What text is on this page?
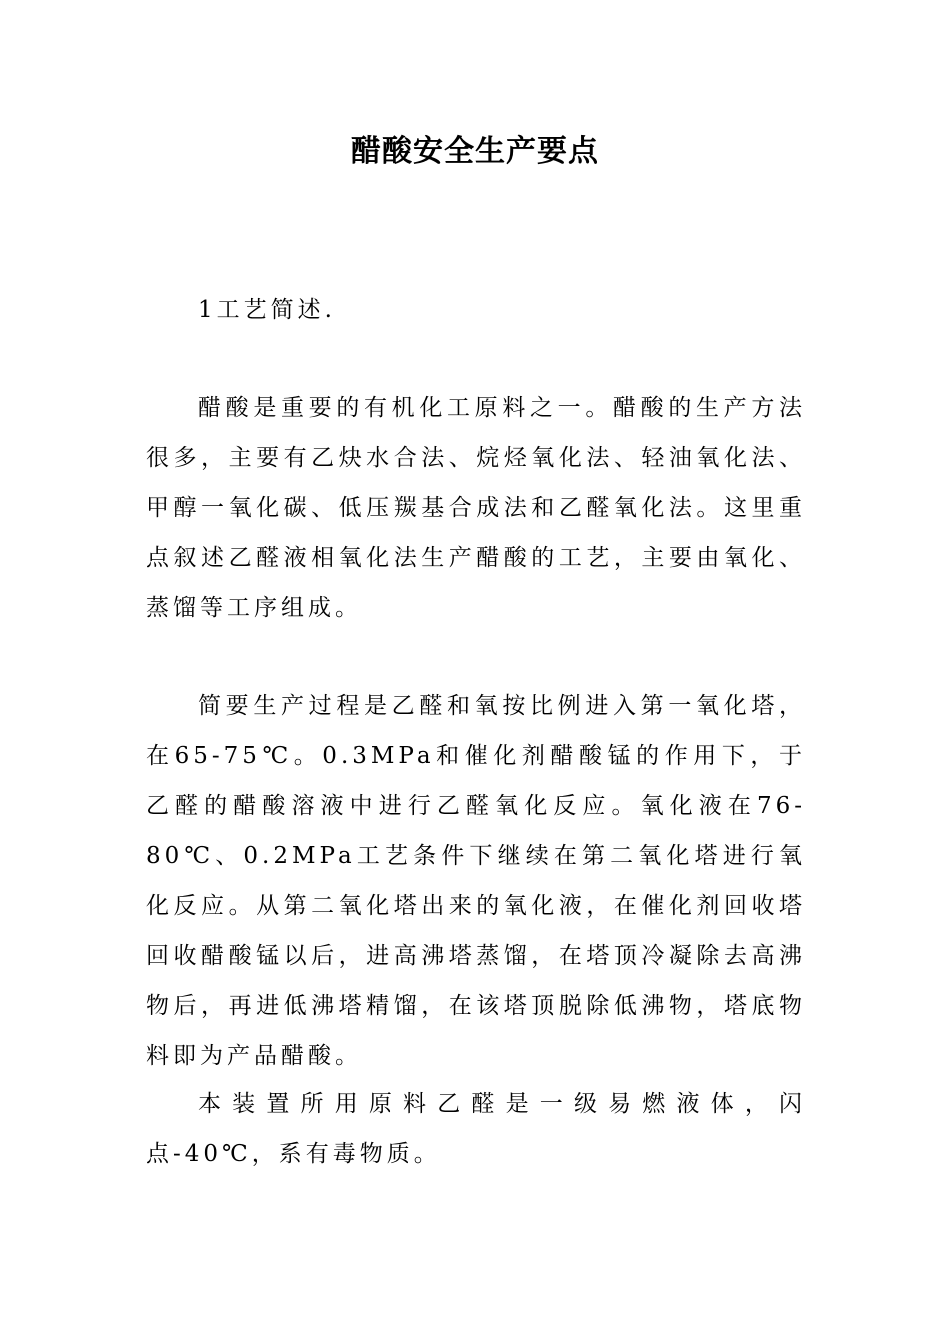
醋酸安全生产要点

1工艺简述.

醋酸是重要的有机化工原料之一。醋酸的生产方法很多，主要有乙炔水合法、烷烃氧化法、轻油氧化法、甲醇一氧化碳、低压羰基合成法和乙醛氧化法。这里重点叙述乙醛液相氧化法生产醋酸的工艺，主要由氧化、蒸馏等工序组成。

简要生产过程是乙醛和氧按比例进入第一氧化塔，在65-75℃。0.3MPa和催化剂醋酸锰的作用下，于乙醛的醋酸溶液中进行乙醛氧化反应。氧化液在76-80℃、0.2MPa工艺条件下继续在第二氧化塔进行氧化反应。从第二氧化塔出来的氧化液，在催化剂回收塔回收醋酸锰以后，进高沸塔蒸馏，在塔顶冷凝除去高沸物后，再进低沸塔精馏，在该塔顶脱除低沸物，塔底物料即为产品醋酸。

本装置所用原料乙醛是一级易燃液体，闪点-40℃，系有毒物质。
